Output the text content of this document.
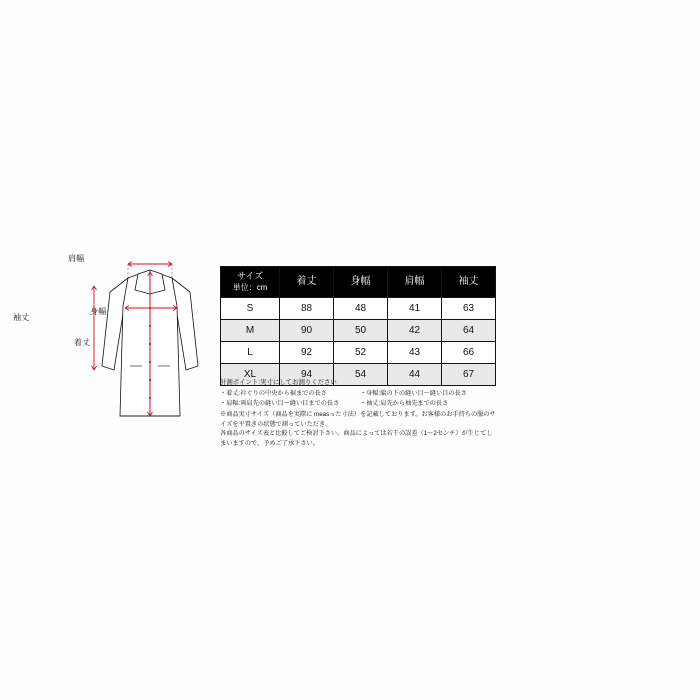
肩幅
袖丈
身幅
着丈
サイズ
単位：cm	着丈	身幅	肩幅	袖丈
S	88	48	41	63
M	90	50	42	64
L	92	52	43	66
XL	94	54	44	67

計測ポイント:実寸にしてお測りください

・着丈:衿ぐりの中央から裾までの長さ

・肩幅:両肩先の縫い目～縫い目までの長さ

・身幅:脇の下の縫い目～縫い目の長さ

・袖丈:肩先から袖先までの長さ

※商品実寸サイズ（商品を実際に measった寸法）を記載しております。お客様のお手持ちの服のサイズを平置きの状態で測っていただき、

各商品のサイズ表と比較してご検討下さい。商品によっては若干の誤差（1～2センチ）が生じてしまいますので、予めご了承下さい。
